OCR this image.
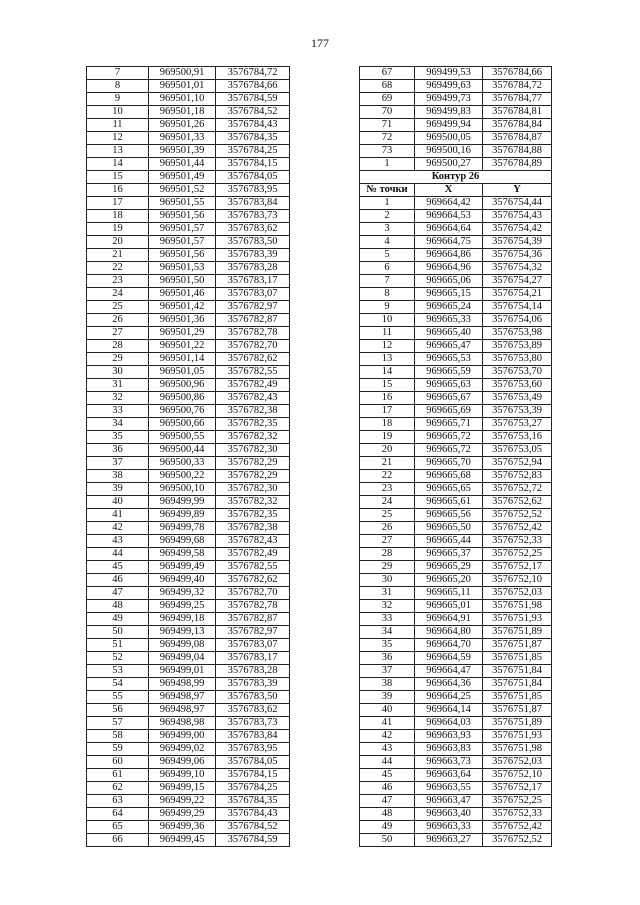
177
7	969500,91	3576784,72
8	969501,01	3576784,66
9	969501,10	3576784,59
10	969501,18	3576784,52
11	969501,26	3576784,43
12	969501,33	3576784,35
13	969501,39	3576784,25
14	969501,44	3576784,15
15	969501,49	3576784,05
16	969501,52	3576783,95
17	969501,55	3576783,84
18	969501,56	3576783,73
19	969501,57	3576783,62
20	969501,57	3576783,50
21	969501,56	3576783,39
22	969501,53	3576783,28
23	969501,50	3576783,17
24	969501,46	3576783,07
25	969501,42	3576782,97
26	969501,36	3576782,87
27	969501,29	3576782,78
28	969501,22	3576782,70
29	969501,14	3576782,62
30	969501,05	3576782,55
31	969500,96	3576782,49
32	969500,86	3576782,43
33	969500,76	3576782,38
34	969500,66	3576782,35
35	969500,55	3576782,32
36	969500,44	3576782,30
37	969500,33	3576782,29
38	969500,22	3576782,29
39	969500,10	3576782,30
40	969499,99	3576782,32
41	969499,89	3576782,35
42	969499,78	3576782,38
43	969499,68	3576782,43
44	969499,58	3576782,49
45	969499,49	3576782,55
46	969499,40	3576782,62
47	969499,32	3576782,70
48	969499,25	3576782,78
49	969499,18	3576782,87
50	969499,13	3576782,97
51	969499,08	3576783,07
52	969499,04	3576783,17
53	969499,01	3576783,28
54	969498,99	3576783,39
55	969498,97	3576783,50
56	969498,97	3576783,62
57	969498,98	3576783,73
58	969499,00	3576783,84
59	969499,02	3576783,95
60	969499,06	3576784,05
61	969499,10	3576784,15
62	969499,15	3576784,25
63	969499,22	3576784,35
64	969499,29	3576784,43
65	969499,36	3576784,52
66	969499,45	3576784,59
67	969499,53	3576784,66
68	969499,63	3576784,72
69	969499,73	3576784,77
70	969499,83	3576784,81
71	969499,94	3576784,84
72	969500,05	3576784,87
73	969500,16	3576784,88
1	969500,27	3576784,89
Контур 26		
№ точки	X	Y
1	969664,42	3576754,44
2	969664,53	3576754,43
3	969664,64	3576754,42
4	969664,75	3576754,39
5	969664,86	3576754,36
6	969664,96	3576754,32
7	969665,06	3576754,27
8	969665,15	3576754,21
9	969665,24	3576754,14
10	969665,33	3576754,06
11	969665,40	3576753,98
12	969665,47	3576753,89
13	969665,53	3576753,80
14	969665,59	3576753,70
15	969665,63	3576753,60
16	969665,67	3576753,49
17	969665,69	3576753,39
18	969665,71	3576753,27
19	969665,72	3576753,16
20	969665,72	3576753,05
21	969665,70	3576752,94
22	969665,68	3576752,83
23	969665,65	3576752,72
24	969665,61	3576752,62
25	969665,56	3576752,52
26	969665,50	3576752,42
27	969665,44	3576752,33
28	969665,37	3576752,25
29	969665,29	3576752,17
30	969665,20	3576752,10
31	969665,11	3576752,03
32	969665,01	3576751,98
33	969664,91	3576751,93
34	969664,80	3576751,89
35	969664,70	3576751,87
36	969664,59	3576751,85
37	969664,47	3576751,84
38	969664,36	3576751,84
39	969664,25	3576751,85
40	969664,14	3576751,87
41	969664,03	3576751,89
42	969663,93	3576751,93
43	969663,83	3576751,98
44	969663,73	3576752,03
45	969663,64	3576752,10
46	969663,55	3576752,17
47	969663,47	3576752,25
48	969663,40	3576752,33
49	969663,33	3576752,42
50	969663,27	3576752,52
